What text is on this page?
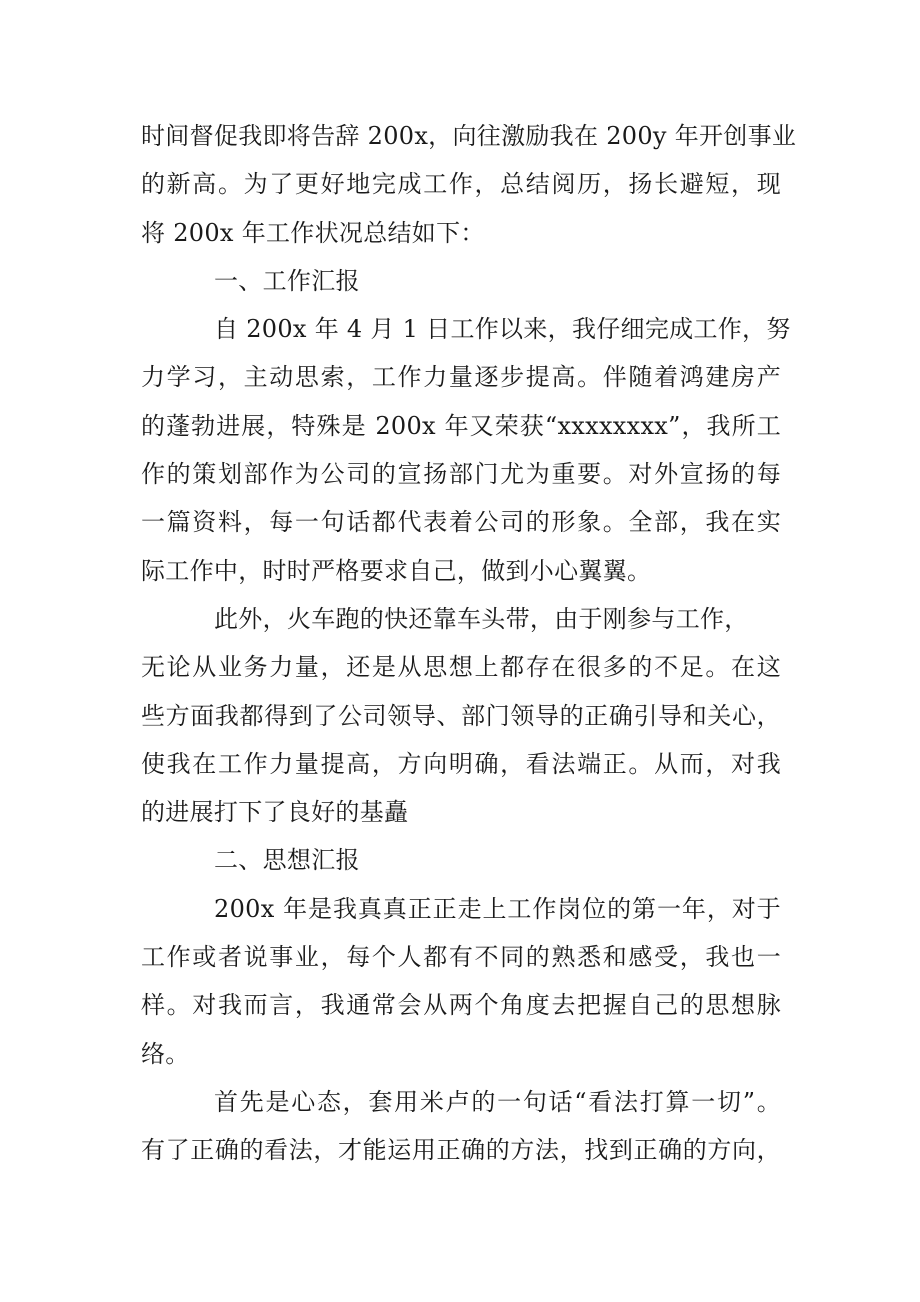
时间督促我即将告辞 200x，向往激励我在 200y 年开创事业
的新高。为了更好地完成工作，总结阅历，扬长避短，现
将 200x 年工作状况总结如下：
一、工作汇报
自 200x 年 4 月 1 日工作以来，我仔细完成工作，努
力学习，主动思索，工作力量逐步提高。伴随着鸿建房产
的蓬勃进展，特殊是 200x 年又荣获“xxxxxxxx”，我所工
作的策划部作为公司的宣扬部门尤为重要。对外宣扬的每
一篇资料，每一句话都代表着公司的形象。全部，我在实
际工作中，时时严格要求自己，做到小心翼翼。
此外，火车跑的快还靠车头带，由于刚参与工作，
无论从业务力量，还是从思想上都存在很多的不足。在这
些方面我都得到了公司领导、部门领导的正确引导和关心，
使我在工作力量提高，方向明确，看法端正。从而，对我
的进展打下了良好的基矗
二、思想汇报
200x 年是我真真正正走上工作岗位的第一年，对于
工作或者说事业，每个人都有不同的熟悉和感受，我也一
样。对我而言，我通常会从两个角度去把握自己的思想脉
络。
首先是心态，套用米卢的一句话“看法打算一切”。
有了正确的看法，才能运用正确的方法，找到正确的方向，
